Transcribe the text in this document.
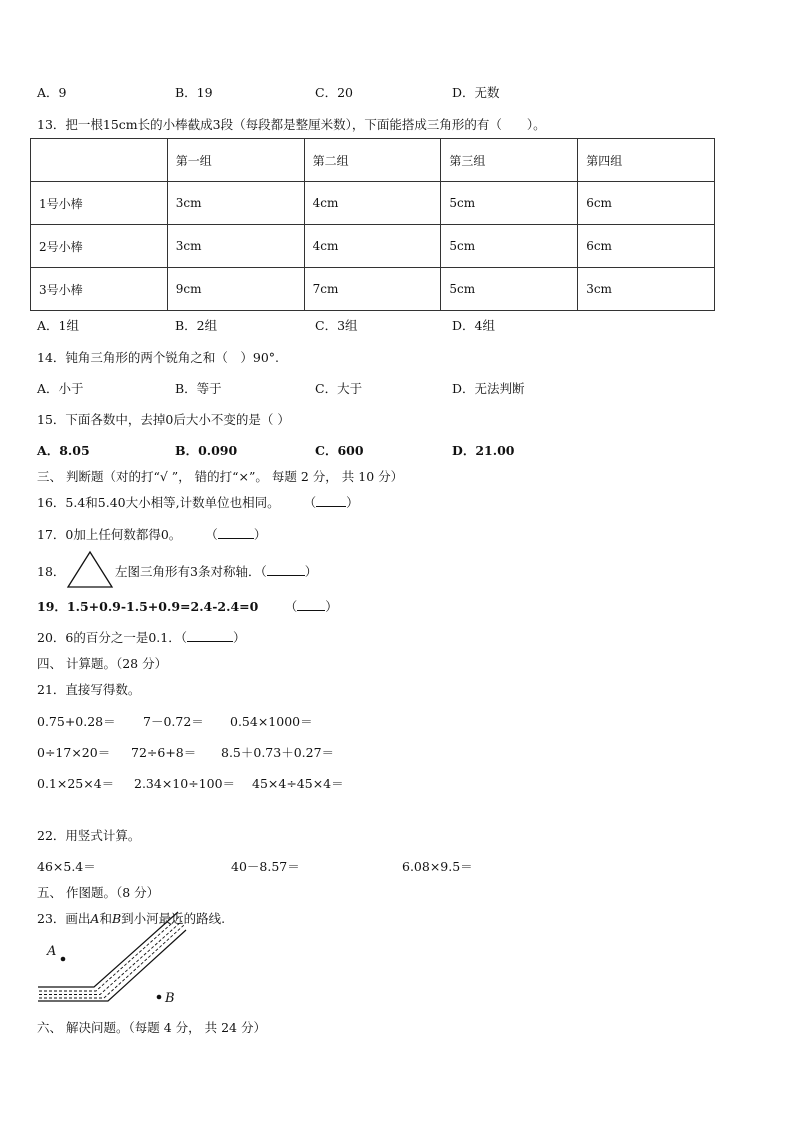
A．9	B．19	C．20	D．无数
13．把一根15cm长的小棒截成3段（每段都是整厘米数），下面能搭成三角形的有（　　）。
	第一组	第二组	第三组	第四组
1号小棒	3cm	4cm	5cm	6cm
2号小棒	3cm	4cm	5cm	6cm
3号小棒	9cm	7cm	5cm	3cm
A．1组	B．2组	C．3组	D．4组
14．钝角三角形的两个锐角之和（　）90°.
A．小于	B．等于	C．大于	D．无法判断
15．下面各数中，去掉0后大小不变的是（ ）
A．8.05	B．0.090	C．600	D．21.00
三、 判断题（对的打“√ ”， 错的打“×”。 每题 2 分， 共 10 分）
16．5.4和5.40大小相等,计数单位也相同。 （ ）
17．0加上任何数都得0。 （	）
18．	左图三角形有3条对称轴．（	）
19．1.5+0.9-1.5+0.9=2.4-2.4=0 （ ）
20．6的百分之一是0.1．（	）
四、 计算题。（28 分）
21．直接写得数。
0.75+0.28＝ 7－0.72＝ 0.54×1000＝
0÷17×20＝ 72÷6+8＝ 8.5＋0.73＋0.27＝
0.1×25×4＝ 2.34×10÷100＝ 45×4÷45×4＝
22．用竖式计算。
46×5.4＝	40－8.57＝	6.08×9.5＝
五、 作图题。（8 分）
23．画出A和B到小河最近的路线.
A
B
六、 解决问题。（每题 4 分， 共 24 分）
